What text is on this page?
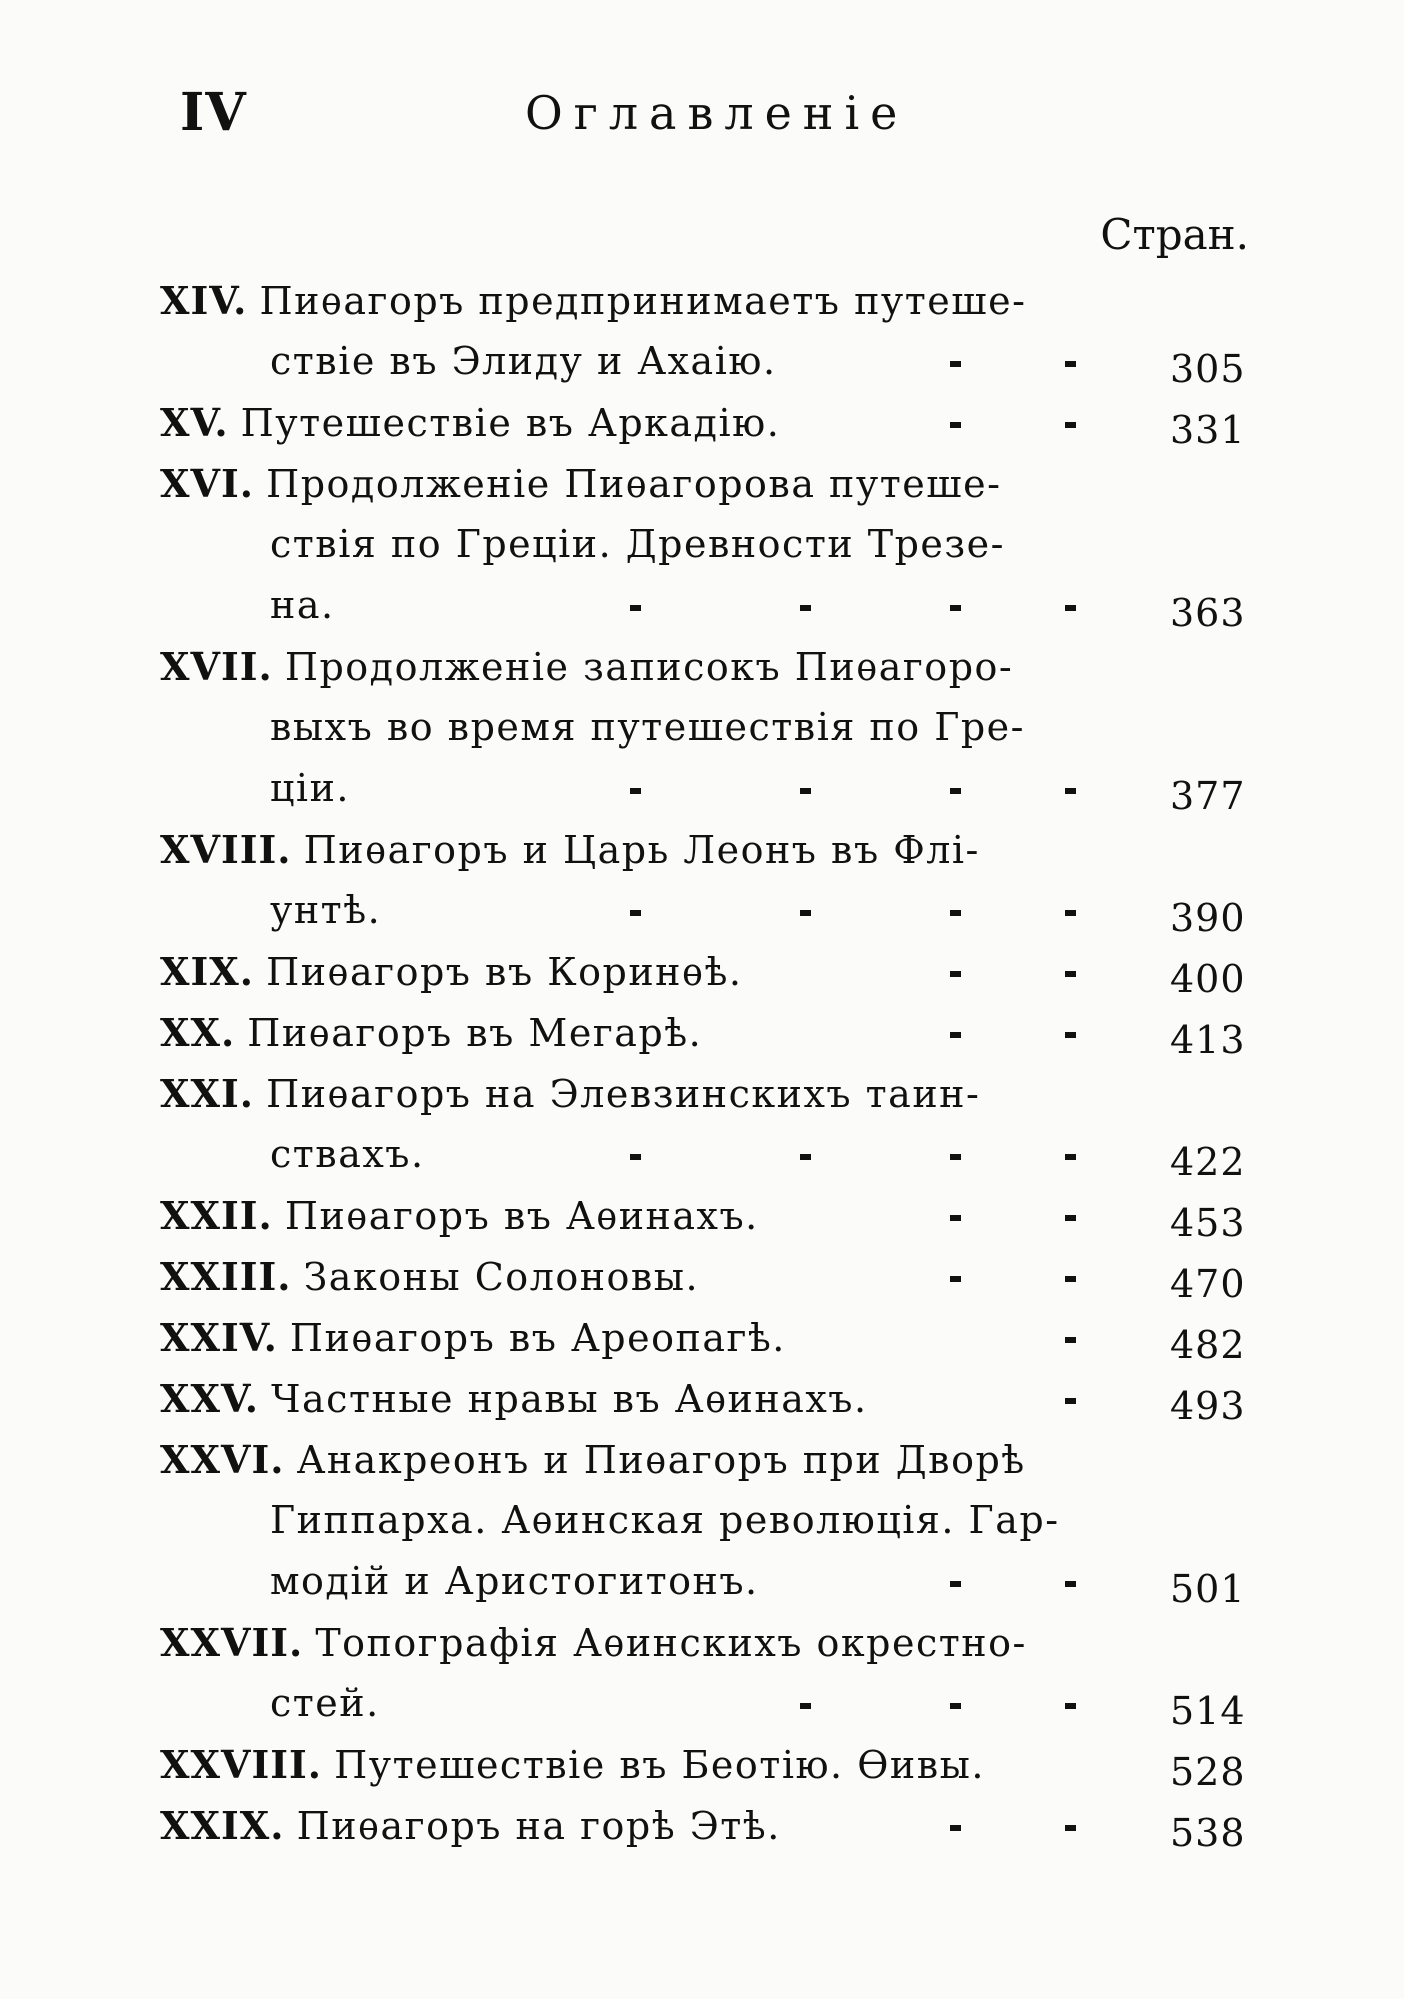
IV	Оглавленіе
Стран.
XIV. Пиѳагоръ предпринимаетъ путеше-
ствіе въ Элиду и Ахаію.	305
XV. Путешествіе въ Аркадію.	331
XVI. Продолженіе Пиѳагорова путеше-
ствія по Греціи. Древности Трезе-
на.	363
XVII. Продолженіе записокъ Пиѳагоро-
выхъ во время путешествія по Гре-
ціи.	377
XVIII. Пиѳагоръ и Царь Леонъ въ Флі-
унтѣ.	390
XIX. Пиѳагоръ въ Коринѳѣ.	400
XX. Пиѳагоръ въ Мегарѣ.	413
XXI. Пиѳагоръ на Элевзинскихъ таин-
ствахъ.	422
XXII. Пиѳагоръ въ Аѳинахъ.	453
XXIII. Законы Солоновы.	470
XXIV. Пиѳагоръ въ Ареопагѣ.	482
XXV. Частные нравы въ Аѳинахъ.	493
XXVI. Анакреонъ и Пиѳагоръ при Дворѣ
Гиппарха. Аѳинская революція. Гар-
модій и Аристогитонъ.	501
XXVII. Топографія Аѳинскихъ окрестно-
стей.	514
XXVIII. Путешествіе въ Беотію. Ѳивы.	528
XXIX. Пиѳагоръ на горѣ Этѣ.	538
